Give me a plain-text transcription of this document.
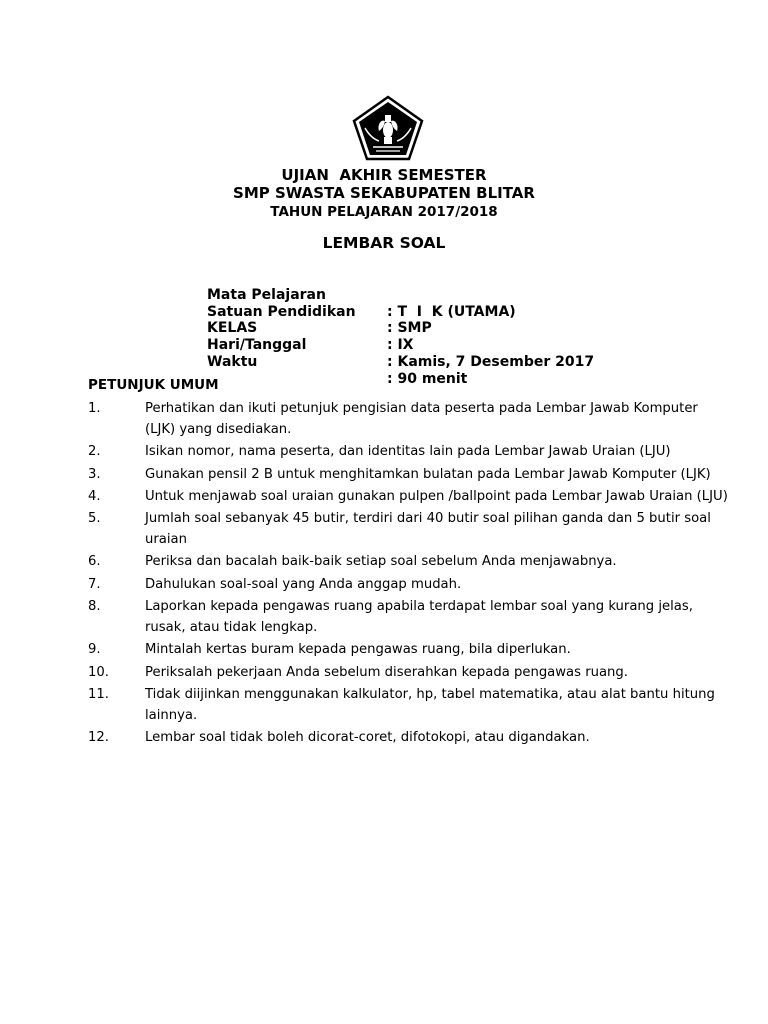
UJIAN  AKHIR SEMESTER
SMP SWASTA SEKABUPATEN BLITAR
TAHUN PELAJARAN 2017/2018
LEMBAR SOAL

Mata Pelajaran

: T  I  K (UTAMA)

Satuan Pendidikan

: SMP

KELAS

: IX

Hari/Tanggal

: Kamis, 7 Desember 2017

Waktu

: 90 menit

PETUNJUK UMUM
1.	Perhatikan dan ikuti petunjuk pengisian data peserta pada Lembar Jawab Komputer (LJK) yang disediakan.
2.	Isikan nomor, nama peserta, dan identitas lain pada Lembar Jawab Uraian (LJU)
3.	Gunakan pensil 2 B untuk menghitamkan bulatan pada Lembar Jawab Komputer (LJK)
4.	Untuk menjawab soal uraian gunakan pulpen /ballpoint pada Lembar Jawab Uraian (LJU)
5.	Jumlah soal sebanyak 45 butir, terdiri dari 40 butir soal pilihan ganda dan 5 butir soal uraian
6.	Periksa dan bacalah baik-baik setiap soal sebelum Anda menjawabnya.
7.	Dahulukan soal-soal yang Anda anggap mudah.
8.	Laporkan kepada pengawas ruang apabila terdapat lembar soal yang kurang jelas, rusak, atau tidak lengkap.
9.	Mintalah kertas buram kepada pengawas ruang, bila diperlukan.
10.	Periksalah pekerjaan Anda sebelum diserahkan kepada pengawas ruang.
11.	Tidak diijinkan menggunakan kalkulator, hp, tabel matematika, atau alat bantu hitung lainnya.
12.	Lembar soal tidak boleh dicorat-coret, difotokopi, atau digandakan.
